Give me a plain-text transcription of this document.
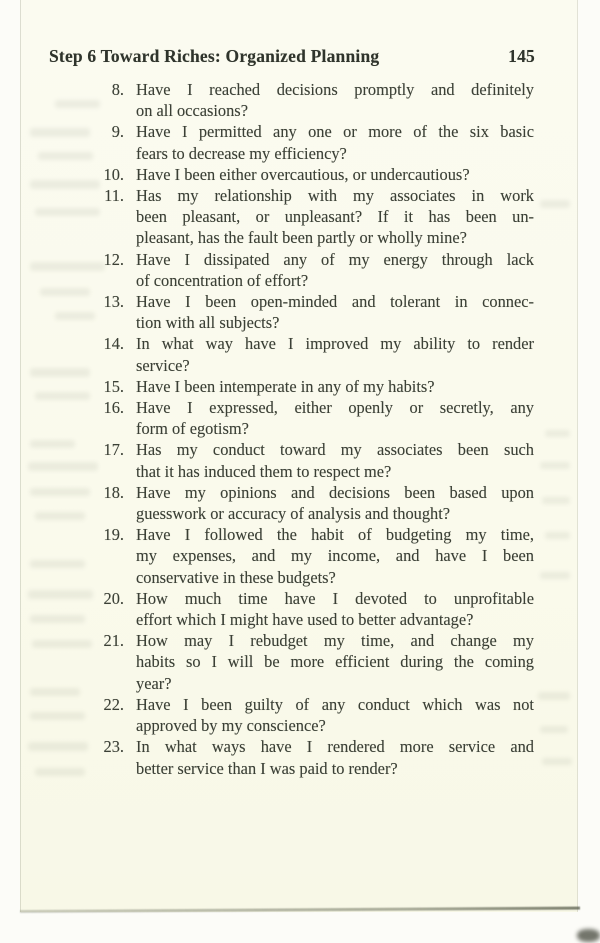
Step 6 Toward Riches: Organized Planning	145
8. Have I reached decisions promptly and definitely
on all occasions?
9. Have I permitted any one or more of the six basic
fears to decrease my efficiency?
10. Have I been either overcautious, or undercautious?
11. Has my relationship with my associates in work
been pleasant, or unpleasant? If it has been un-
pleasant, has the fault been partly or wholly mine?
12. Have I dissipated any of my energy through lack
of concentration of effort?
13. Have I been open-minded and tolerant in connec-
tion with all subjects?
14. In what way have I improved my ability to render
service?
15. Have I been intemperate in any of my habits?
16. Have I expressed, either openly or secretly, any
form of egotism?
17. Has my conduct toward my associates been such
that it has induced them to respect me?
18. Have my opinions and decisions been based upon
guesswork or accuracy of analysis and thought?
19. Have I followed the habit of budgeting my time,
my expenses, and my income, and have I been
conservative in these budgets?
20. How much time have I devoted to unprofitable
effort which I might have used to better advantage?
21. How may I rebudget my time, and change my
habits so I will be more efficient during the coming
year?
22. Have I been guilty of any conduct which was not
approved by my conscience?
23. In what ways have I rendered more service and
better service than I was paid to render?
